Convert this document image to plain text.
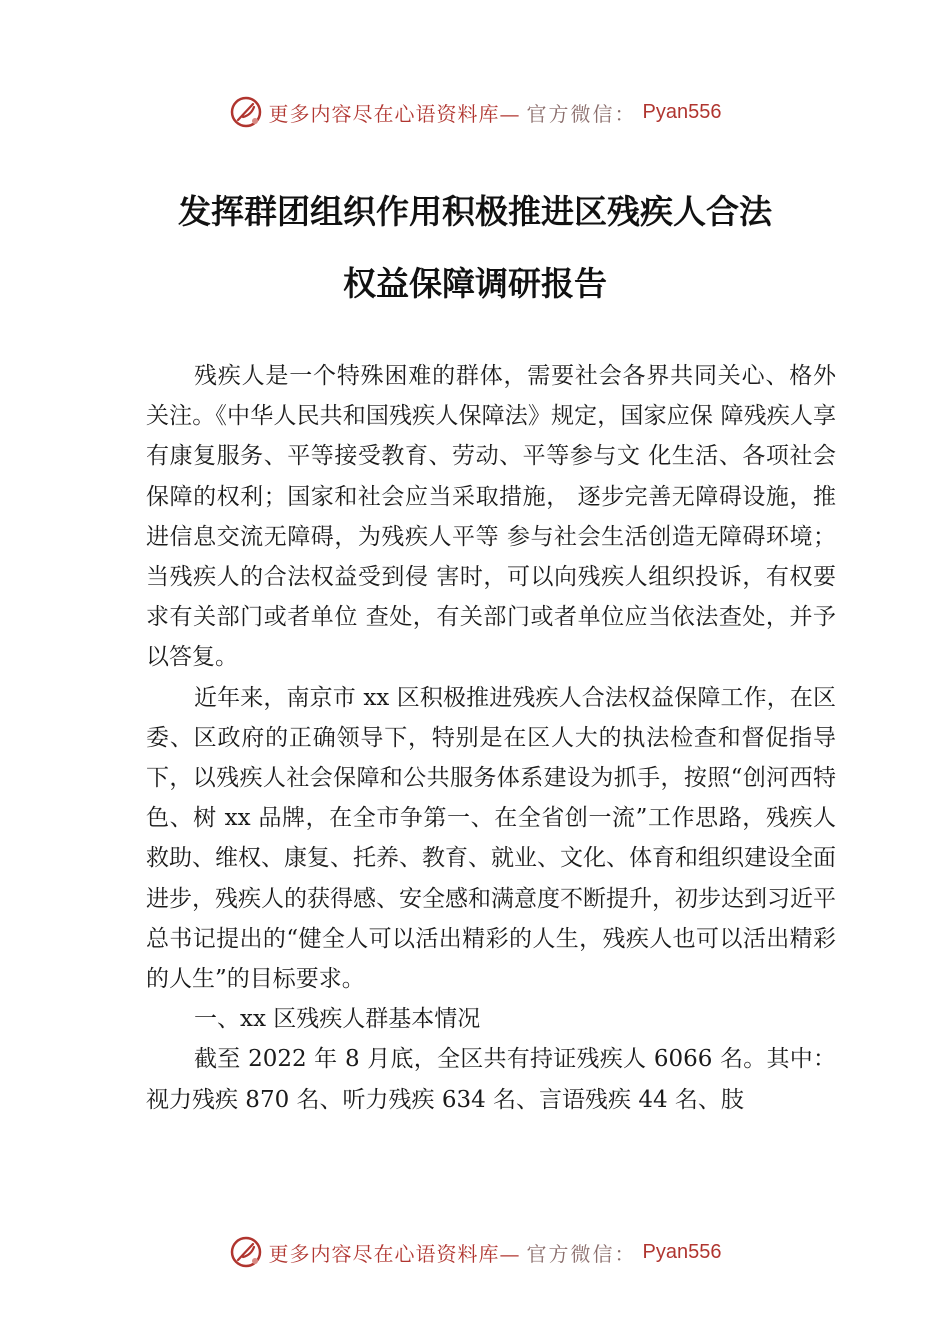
更多内容尽在心语资料库— 官方微信： Pyan556
发挥群团组织作用积极推进区残疾人合法
权益保障调研报告

残疾人是一个特殊困难的群体，需要社会各界共同关心、格外关注。《中华人民共和国残疾人保障法》规定，国家应保 障残疾人享有康复服务、平等接受教育、劳动、平等参与文 化生活、各项社会保障的权利；国家和社会应当采取措施， 逐步完善无障碍设施，推进信息交流无障碍，为残疾人平等 参与社会生活创造无障碍环境；当残疾人的合法权益受到侵 害时，可以向残疾人组织投诉，有权要求有关部门或者单位 查处，有关部门或者单位应当依法查处，并予以答复。

近年来，南京市 xx 区积极推进残疾人合法权益保障工作，在区委、区政府的正确领导下，特别是在区人大的执法检查和督促指导下，以残疾人社会保障和公共服务体系建设为抓手，按照“创河西特色、树 xx 品牌，在全市争第一、在全省创一流”工作思路，残疾人救助、维权、康复、托养、教育、就业、文化、体育和组织建设全面进步，残疾人的获得感、安全感和满意度不断提升，初步达到习近平总书记提出的“健全人可以活出精彩的人生，残疾人也可以活出精彩的人生”的目标要求。

一、xx 区残疾人群基本情况

截至 2022 年 8 月底，全区共有持证残疾人 6066 名。其中：视力残疾 870 名、听力残疾 634 名、言语残疾 44 名、肢

更多内容尽在心语资料库— 官方微信： Pyan556
